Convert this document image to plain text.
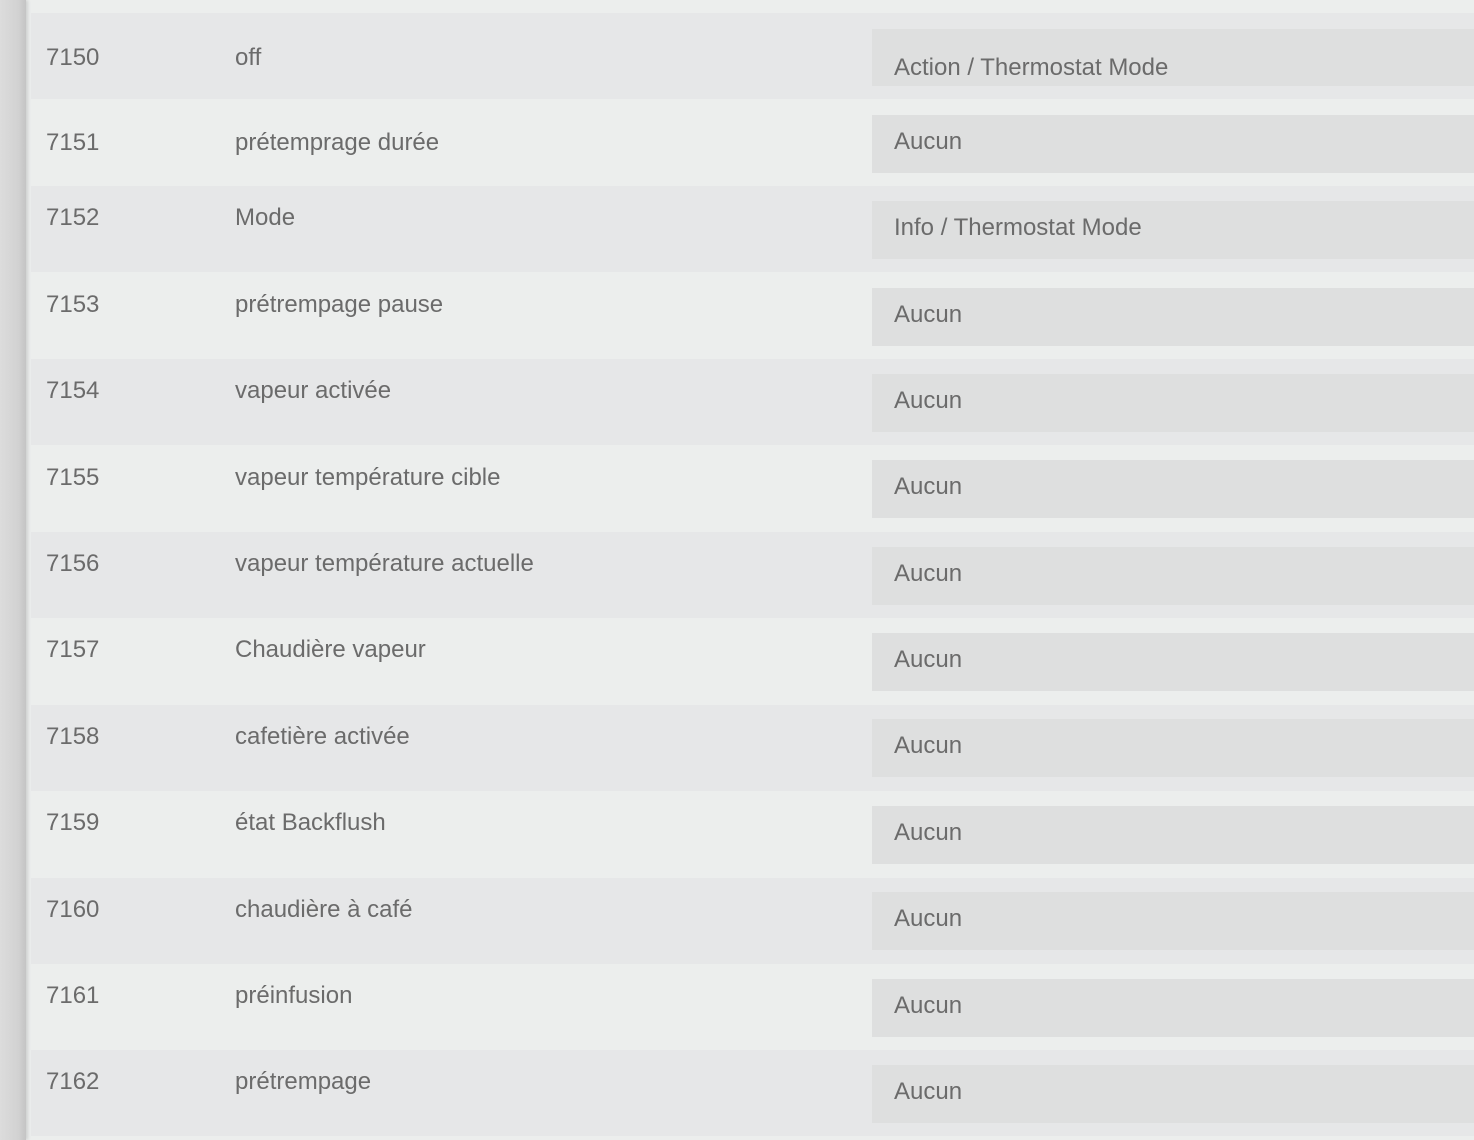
7150	off	Action / Thermostat Mode
7151	prétemprage durée	Aucun
7152	Mode	Info / Thermostat Mode
7153	prétrempage pause	Aucun
7154	vapeur activée	Aucun
7155	vapeur température cible	Aucun
7156	vapeur température actuelle	Aucun
7157	Chaudière vapeur	Aucun
7158	cafetière activée	Aucun
7159	état Backflush	Aucun
7160	chaudière à café	Aucun
7161	préinfusion	Aucun
7162	prétrempage	Aucun
